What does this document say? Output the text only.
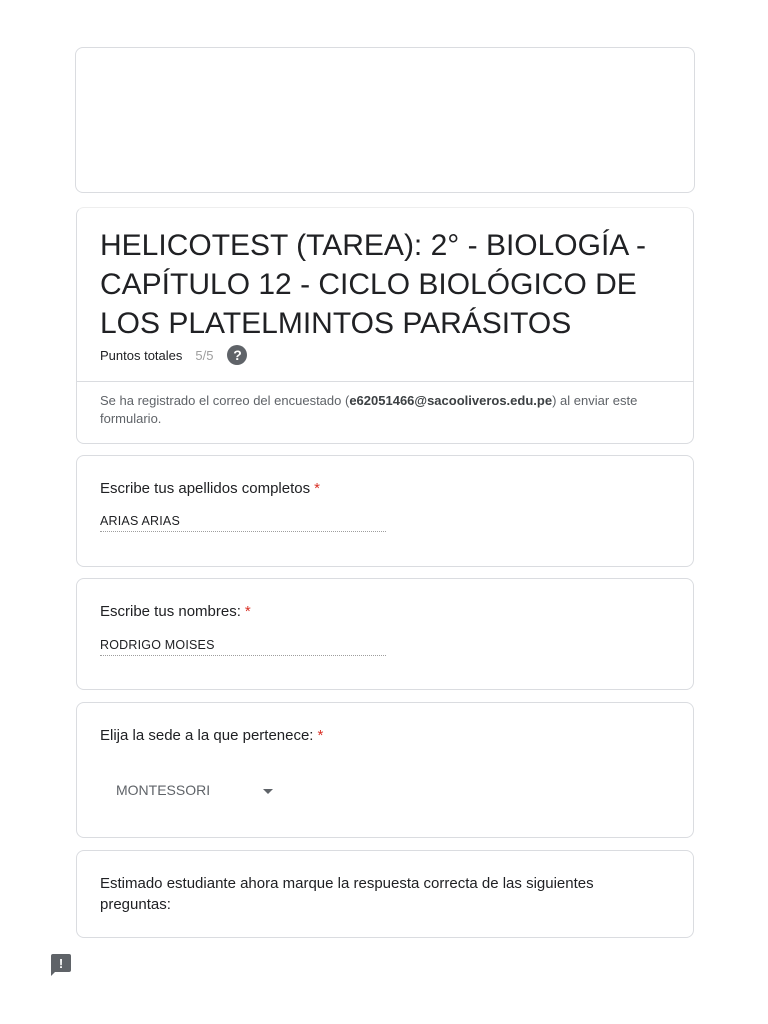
HELICOTEST (TAREA): 2° - BIOLOGÍA - CAPÍTULO 12 - CICLO BIOLÓGICO DE LOS PLATELMINTOS PARÁSITOS
Puntos totales 5/5	?
Se ha registrado el correo del encuestado (e62051466@sacooliveros.edu.pe) al enviar este formulario.
Escribe tus apellidos completos *
ARIAS ARIAS
Escribe tus nombres: *
RODRIGO MOISES
Elija la sede a la que pertenece: *
MONTESSORI
Estimado estudiante ahora marque la respuesta correcta de las siguientes preguntas:
!
